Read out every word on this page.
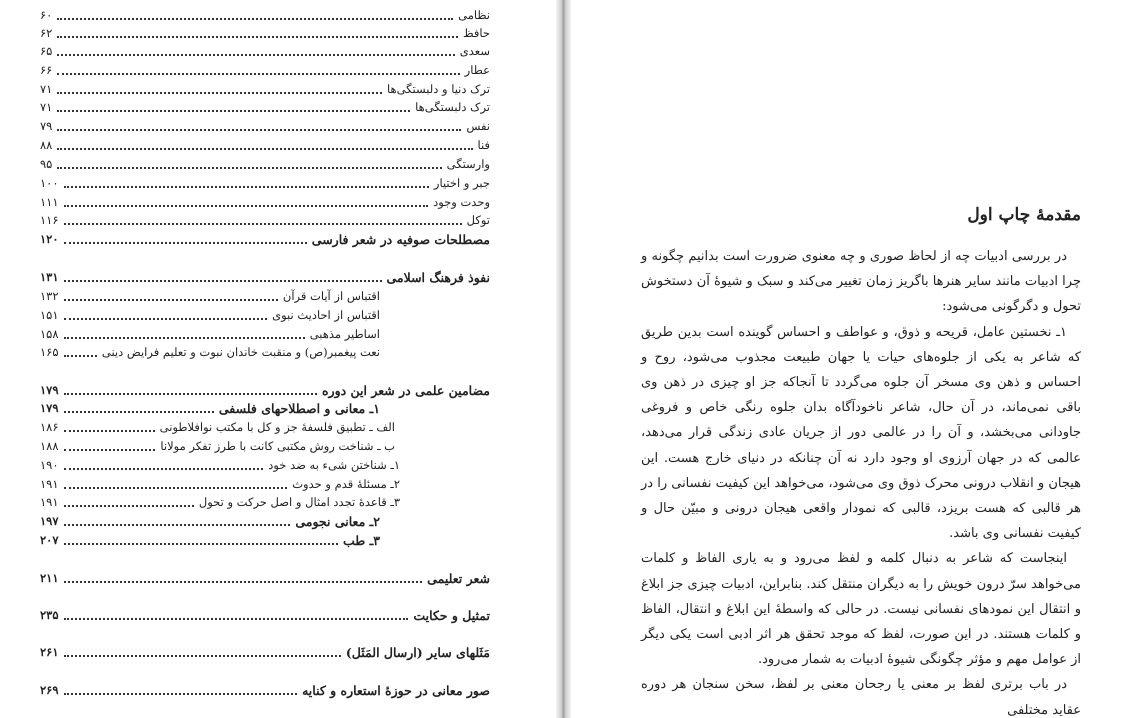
نظامی
۶۰
حافظ
۶۲
سعدی
۶۵
عطار
۶۶
ترک دنیا و دلبستگی‌ها
۷۱
ترک دلبستگی‌ها
۷۱
نفس
۷۹
فنا
۸۸
وارستگی
۹۵
جبر و اختیار
۱۰۰
وحدت وجود
۱۱۱
توکل
۱۱۶
مصطلحات صوفیه در شعر فارسی
۱۲۰
نفوذ فرهنگ اسلامی
۱۳۱
اقتباس از آیات قرآن
۱۳۲
اقتباس از احادیث نبوی
۱۵۱
اساطیر مذهبی
۱۵۸
نعت پیغمبر(ص) و منقبت خاندان نبوت و تعلیم فرایض دینی
۱۶۵
مضامین علمی در شعر این دوره
۱۷۹
۱ـ معانی و اصطلاحهای فلسفی
۱۷۹
الف ـ تطبیق فلسفهٔ جز و کل با مکتب نوافلاطونی
۱۸۶
ب ـ شناخت روش مکتبی کانت با طرز تفکر مولانا
۱۸۸
۱ـ شناختن شیء به ضد خود
۱۹۰
۲ـ مسئلهٔ قدم و حدوث
۱۹۱
۳ـ قاعدهٔ تجدد امثال و اصل حرکت و تحول
۱۹۱
۲ـ معانی نجومی
۱۹۷
۳ـ طب
۲۰۷
شعر تعلیمی
۲۱۱
تمثیل و حکایت
۲۳۵
مَثَلهای سایر (ارسال المَثَل)
۲۶۱
صور معانی در حوزهٔ استعاره و کنایه
۲۶۹
مقدمهٔ چاپ اول

در بررسی ادبیات چه از لحاظ صوری و چه معنوی ضرورت است بدانیم چگونه و چرا ادبیات مانند سایر هنرها باگریز زمان تغییر می‌کند و سبک و شیوهٔ آن دستخوش تحول و دگرگونی می‌شود:

۱ـ نخستین عامل، قریحه و ذوق، و عواطف و احساس گوینده است بدین طریق که شاعر به یکی از جلوه‌های حیات یا جهان طبیعت مجذوب می‌شود، روح و احساس و ذهن وی مسخر آن جلوه می‌گردد تا آنجاکه جز او چیزی در ذهن وی باقی نمی‌ماند، در آن حال، شاعر ناخودآگاه بدان جلوه رنگی خاص و فروغی جاودانی می‌بخشد، و آن را در عالمی دور از جریان عادی زندگی قرار می‌دهد، عالمی که در جهان آرزوی او وجود دارد نه آن چنانکه در دنیای خارج هست. این هیجان و انقلاب درونی محرک ذوق وی می‌شود، می‌خواهد این کیفیت نفسانی را در هر قالبی که هست بریزد، قالبی که نمودار واقعی هیجان درونی و مبیّن حال و کیفیت نفسانی وی باشد.

اینجاست که شاعر به دنبال کلمه و لفظ می‌رود و به یاری الفاظ و کلمات می‌خواهد سرّ درون خویش را به دیگران منتقل کند. بنابراین، ادبیات چیزی جز ابلاغ و انتقال این نمودهای نفسانی نیست. در حالی که واسطهٔ این ابلاغ و انتقال، الفاظ و کلمات هستند. در این صورت، لفظ که موجد تحقق هر اثر ادبی است یکی دیگر از عوامل مهم و مؤثر چگونگی شیوهٔ ادبیات به شمار می‌رود.

در باب برتری لفظ بر معنی یا رجحان معنی بر لفظ، سخن سنجان هر دوره عقاید مختلفی
